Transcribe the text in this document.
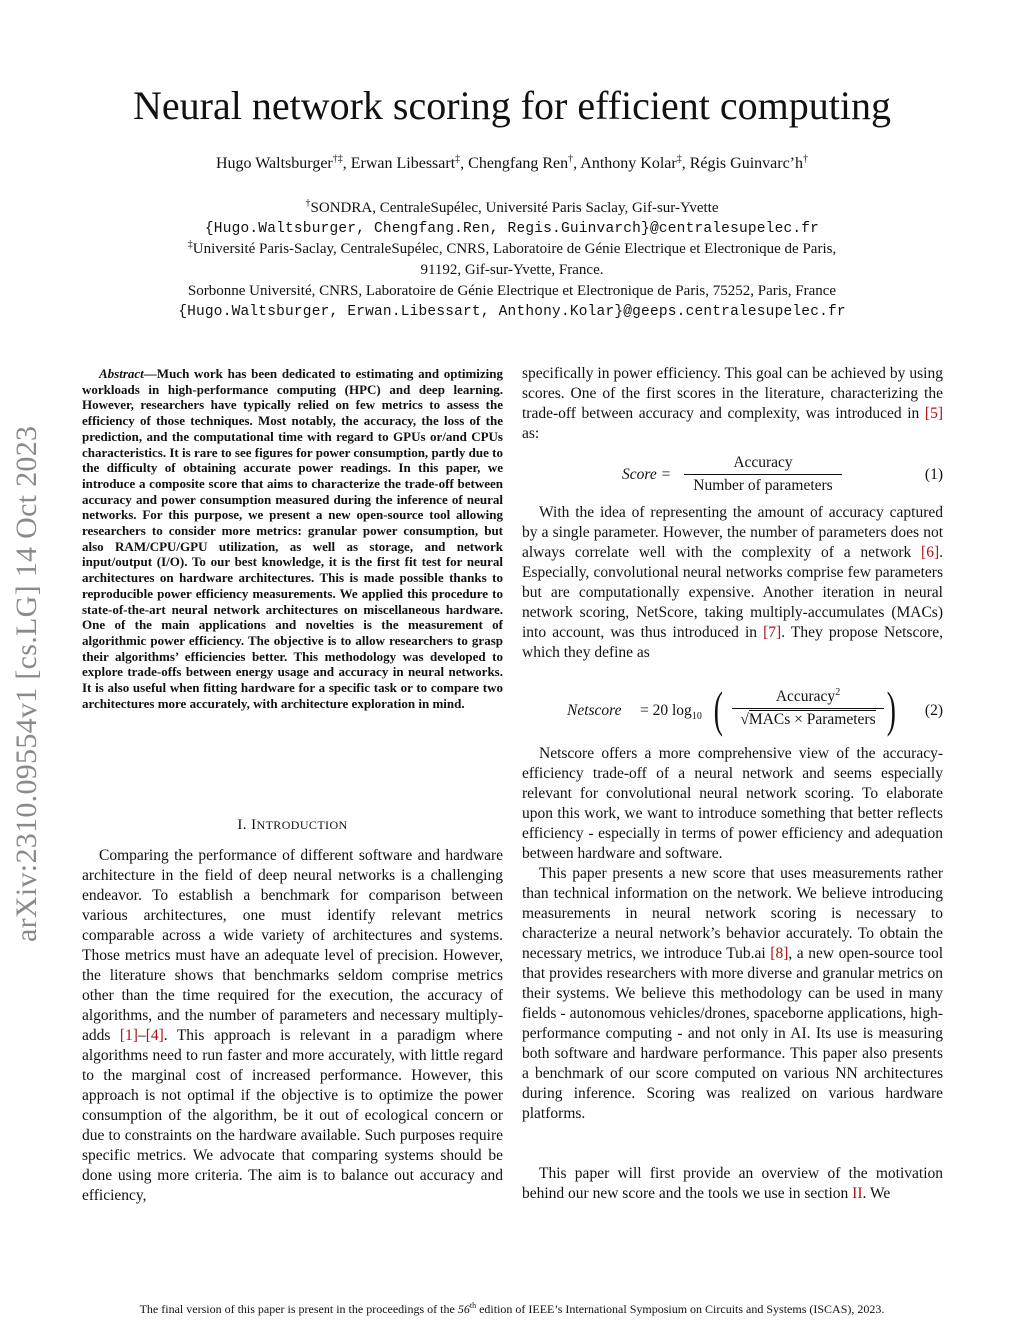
arXiv:2310.09554v1 [cs.LG] 14 Oct 2023
Neural network scoring for efficient computing
Hugo Waltsburger†‡, Erwan Libessart‡, Chengfang Ren†, Anthony Kolar‡, Régis Guinvarc’h†
†SONDRA, CentraleSupélec, Université Paris Saclay, Gif-sur-Yvette
{Hugo.Waltsburger, Chengfang.Ren, Regis.Guinvarch}@centralesupelec.fr
‡Université Paris-Saclay, CentraleSupélec, CNRS, Laboratoire de Génie Electrique et Electronique de Paris,
91192, Gif-sur-Yvette, France.
Sorbonne Université, CNRS, Laboratoire de Génie Electrique et Electronique de Paris, 75252, Paris, France
{Hugo.Waltsburger, Erwan.Libessart, Anthony.Kolar}@geeps.centralesupelec.fr
Abstract—Much work has been dedicated to estimating and optimizing workloads in high-performance computing (HPC) and deep learning. However, researchers have typically relied on few metrics to assess the efficiency of those techniques. Most notably, the accuracy, the loss of the prediction, and the computational time with regard to GPUs or/and CPUs characteristics. It is rare to see figures for power consumption, partly due to the difficulty of obtaining accurate power readings. In this paper, we introduce a composite score that aims to characterize the trade-off between accuracy and power consumption measured during the inference of neural networks. For this purpose, we present a new open-source tool allowing researchers to consider more metrics: granular power consumption, but also RAM/CPU/GPU utilization, as well as storage, and network input/output (I/O). To our best knowledge, it is the first fit test for neural architectures on hardware architectures. This is made possible thanks to reproducible power efficiency measurements. We applied this procedure to state-of-the-art neural network architectures on miscellaneous hardware. One of the main applications and novelties is the measurement of algorithmic power efficiency. The objective is to allow researchers to grasp their algorithms’ efficiencies better. This methodology was developed to explore trade-offs between energy usage and accuracy in neural networks. It is also useful when fitting hardware for a specific task or to compare two architectures more accurately, with architecture exploration in mind.
I. INTRODUCTION
Comparing the performance of different software and hardware architecture in the field of deep neural networks is a challenging endeavor. To establish a benchmark for comparison between various architectures, one must identify relevant metrics comparable across a wide variety of architectures and systems. Those metrics must have an adequate level of precision. However, the literature shows that benchmarks seldom comprise metrics other than the time required for the execution, the accuracy of algorithms, and the number of parameters and necessary multiply-adds [1]–[4]. This approach is relevant in a paradigm where algorithms need to run faster and more accurately, with little regard to the marginal cost of increased performance. However, this approach is not optimal if the objective is to optimize the power consumption of the algorithm, be it out of ecological concern or due to constraints on the hardware available. Such purposes require specific metrics. We advocate that comparing systems should be done using more criteria. The aim is to balance out accuracy and efficiency,
specifically in power efficiency. This goal can be achieved by using scores. One of the first scores in the literature, characterizing the trade-off between accuracy and complexity, was introduced in [5] as:
Score =
Accuracy
Number of parameters
(1)
With the idea of representing the amount of accuracy captured by a single parameter. However, the number of parameters does not always correlate well with the complexity of a network [6]. Especially, convolutional neural networks comprise few parameters but are computationally expensive. Another iteration in neural network scoring, NetScore, taking multiply-accumulates (MACs) into account, was thus introduced in [7]. They propose Netscore, which they define as
Netscore = 20 $\log_{10}$ (	Accuracy$^2$
√MACs × Parameters ) (2)
Netscore offers a more comprehensive view of the accuracy-efficiency trade-off of a neural network and seems especially relevant for convolutional neural network scoring. To elaborate upon this work, we want to introduce something that better reflects efficiency - especially in terms of power efficiency and adequation between hardware and software.
This paper presents a new score that uses measurements rather than technical information on the network. We believe introducing measurements in neural network scoring is necessary to characterize a neural network’s behavior accurately. To obtain the necessary metrics, we introduce Tub.ai [8], a new open-source tool that provides researchers with more diverse and granular metrics on their systems. We believe this methodology can be used in many fields - autonomous vehicles/drones, spaceborne applications, high-performance computing - and not only in AI. Its use is measuring both software and hardware performance. This paper also presents a benchmark of our score computed on various NN architectures during inference. Scoring was realized on various hardware platforms.
This paper will first provide an overview of the motivation behind our new score and the tools we use in section II. We
The final version of this paper is present in the proceedings of the 56th edition of IEEE’s International Symposium on Circuits and Systems (ISCAS), 2023.
